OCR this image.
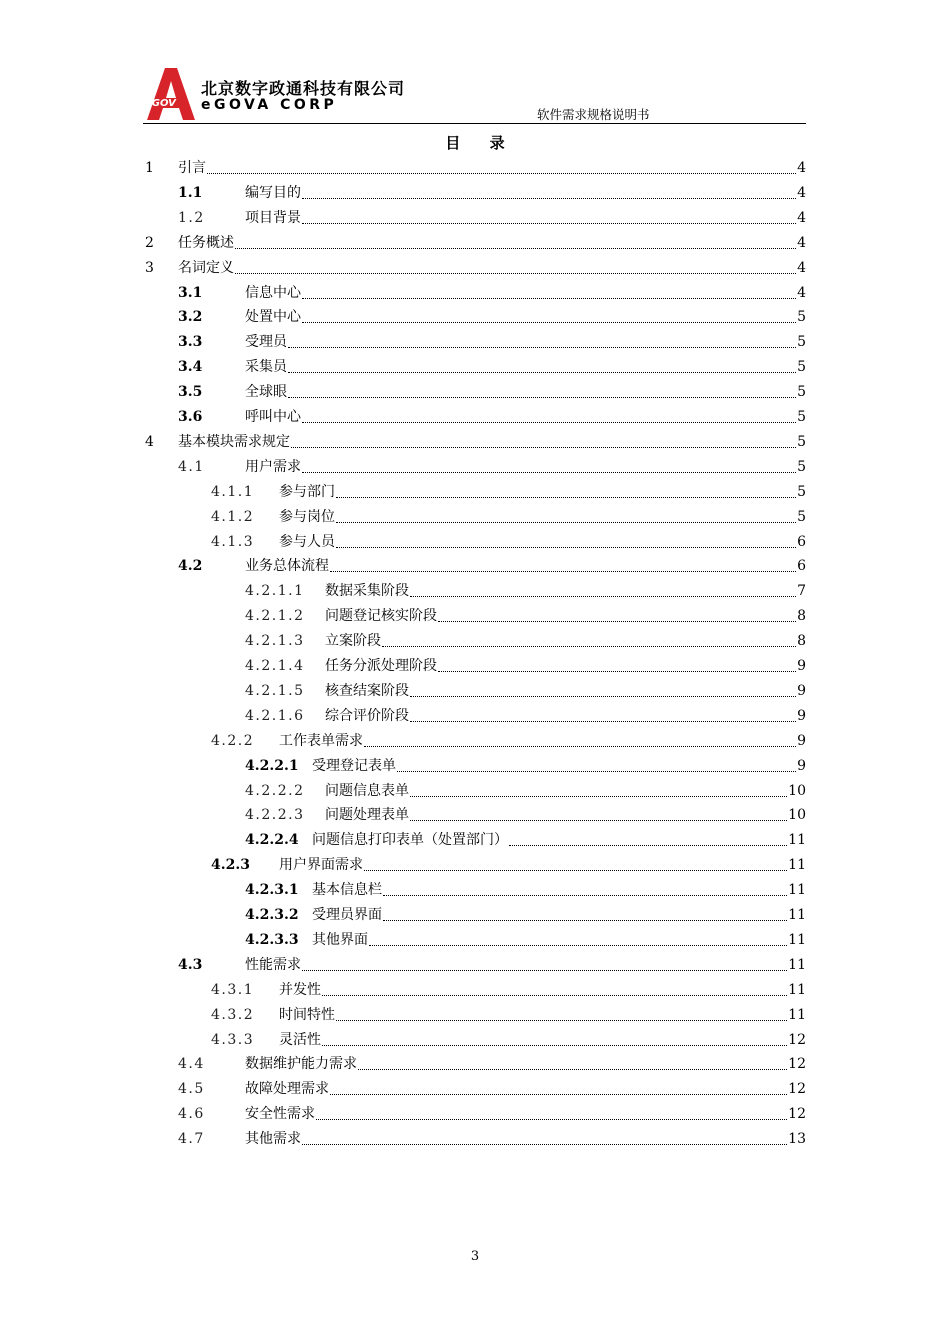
eGOV
北京数字政通科技有限公司
eGOVA CORP
软件需求规格说明书
目 录
1 引言	4
1.1	编写目的	4
1.2	项目背景	4
2 任务概述	4
3 名词定义	4
3.1	信息中心	4
3.2	处置中心	5
3.3	受理员	5
3.4	采集员	5
3.5	全球眼	5
3.6	呼叫中心	5
4 基本模块需求规定	5
4.1	用户需求	5
4.1.1 参与部门	5
4.1.2 参与岗位	5
4.1.3 参与人员	6
4.2	业务总体流程	6
4.2.1.1 数据采集阶段	7
4.2.1.2 问题登记核实阶段	8
4.2.1.3 立案阶段	8
4.2.1.4 任务分派处理阶段	9
4.2.1.5 核查结案阶段	9
4.2.1.6 综合评价阶段	9
4.2.2 工作表单需求	9
4.2.2.1 受理登记表单	9
4.2.2.2 问题信息表单	10
4.2.2.3 问题处理表单	10
4.2.2.4 问题信息打印表单（处置部门）	11
4.2.3 用户界面需求	11
4.2.3.1 基本信息栏	11
4.2.3.2 受理员界面	11
4.2.3.3 其他界面	11
4.3	性能需求	11
4.3.1 并发性	11
4.3.2 时间特性	11
4.3.3 灵活性	12
4.4	数据维护能力需求	12
4.5	故障处理需求	12
4.6	安全性需求	12
4.7	其他需求	13
3
